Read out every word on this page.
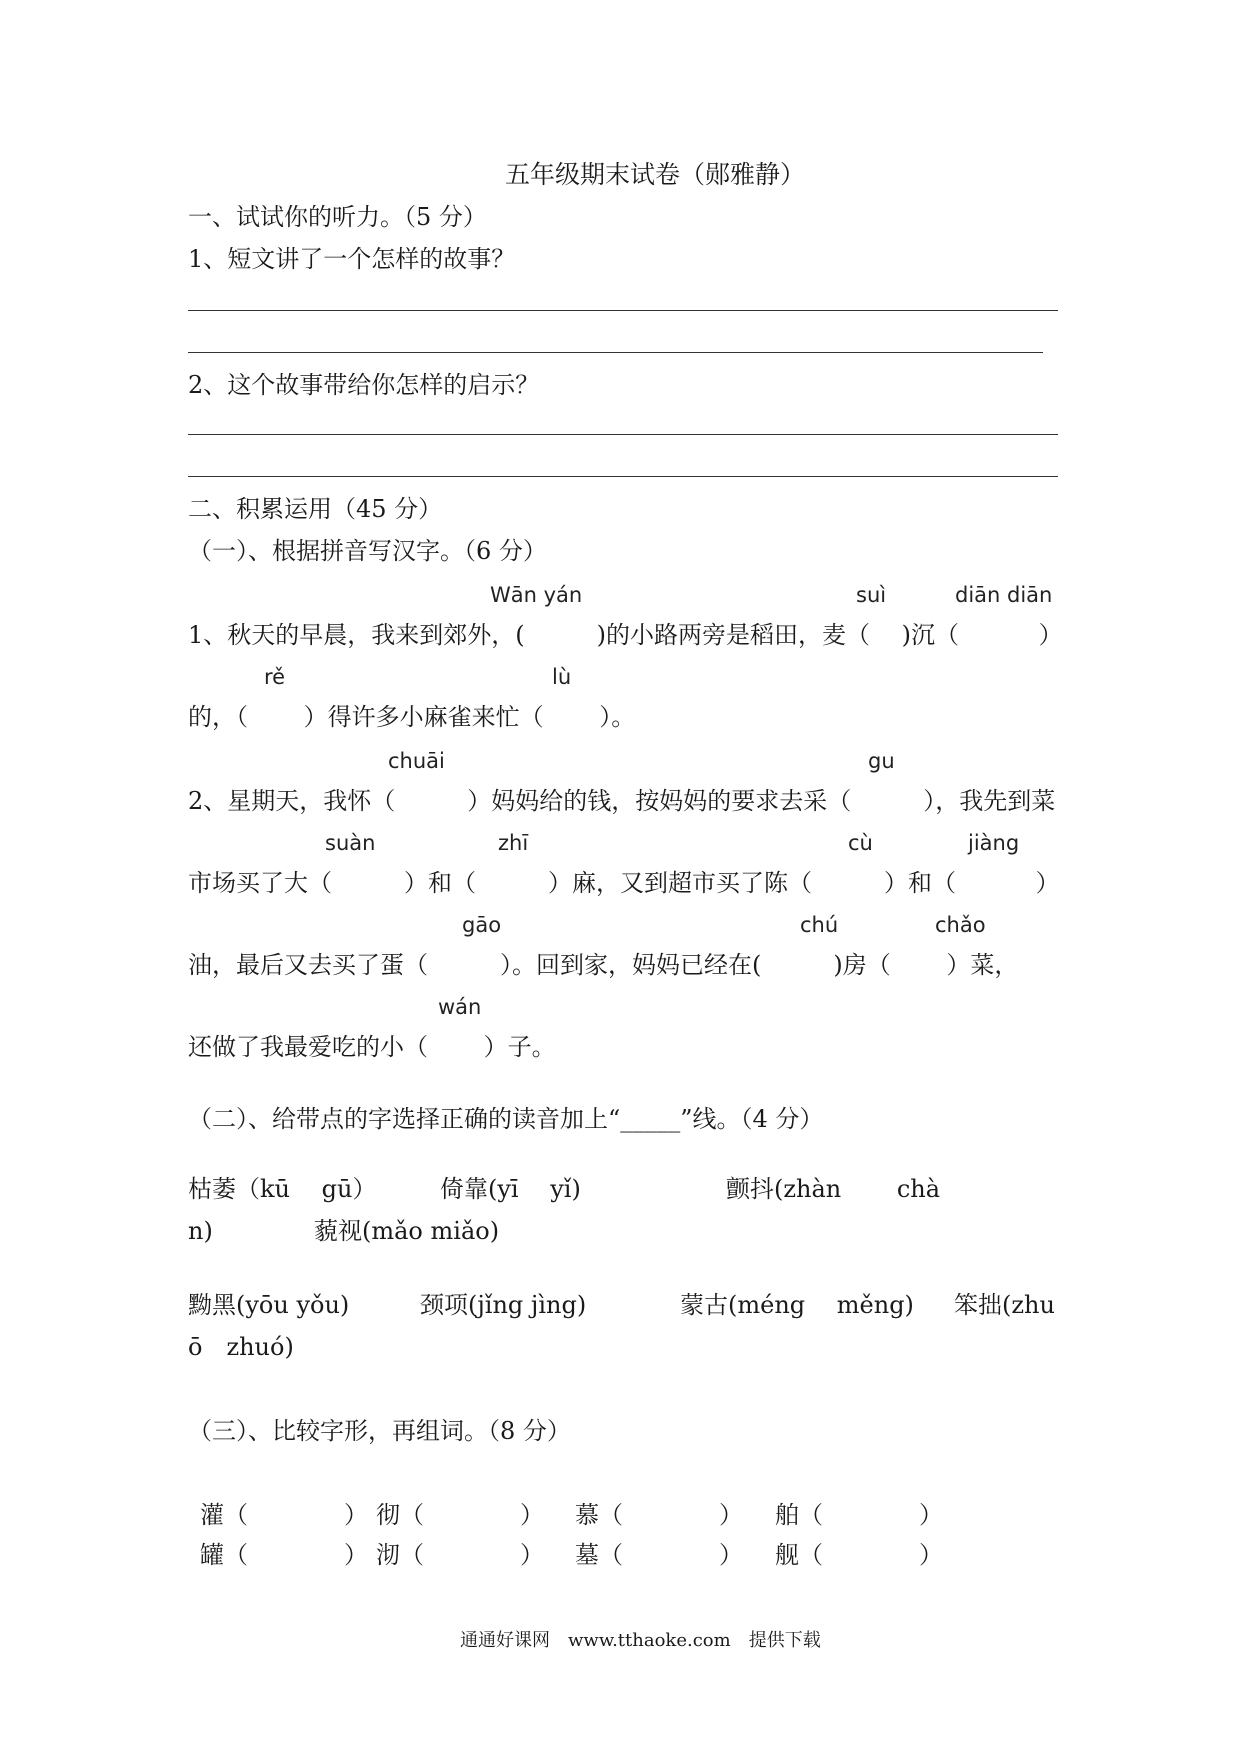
五年级期末试卷（郧雅静）
一、试试你的听力。（5 分）
1、短文讲了一个怎样的故事？
2、这个故事带给你怎样的启示？
二、积累运用（45 分）
（一）、根据拼音写汉字。（6 分）
Wān yán	suì	diān diān
1、秋天的早晨，我来到郊外，(　　　)的小路两旁是稻田，麦（　 )沉（　　　 ）
rě	lù
的，（　　 ）得许多小麻雀来忙（　　 ）。
chuāi	gu
2、星期天，我怀（　　　）妈妈给的钱，按妈妈的要求去采（　　　），我先到菜
suàn	zhī	cù	jiàng
市场买了大（　　　）和（　　　）麻，又到超市买了陈（　　　）和（　　　 ）
gāo	chú	chǎo
油，最后又去买了蛋（　　　）。回到家，妈妈已经在(　　　)房（　　 ）菜，
wán
还做了我最爱吃的小（　　 ）子。
（二）、给带点的字选择正确的读音加上“_____”线。（4 分）
枯萎（kū　 gū）	倚靠(yī　 yǐ)	颤抖(zhàn　　 chà
n)	藐视(mǎo miǎo)
黝黑(yōu yǒu)	颈项(jǐng jìng)	蒙古(méng　 měng) 笨拙(zhu
ō　zhuó)
（三）、比较字形，再组词。（8 分）
灌（　　　　） 彻（　　　　） 慕（　　　　） 舶（　　　　）
罐（　　　　） 沏（　　　　） 墓（　　　　） 舰（　　　　）
通通好课网　www.tthaoke.com　提供下载
